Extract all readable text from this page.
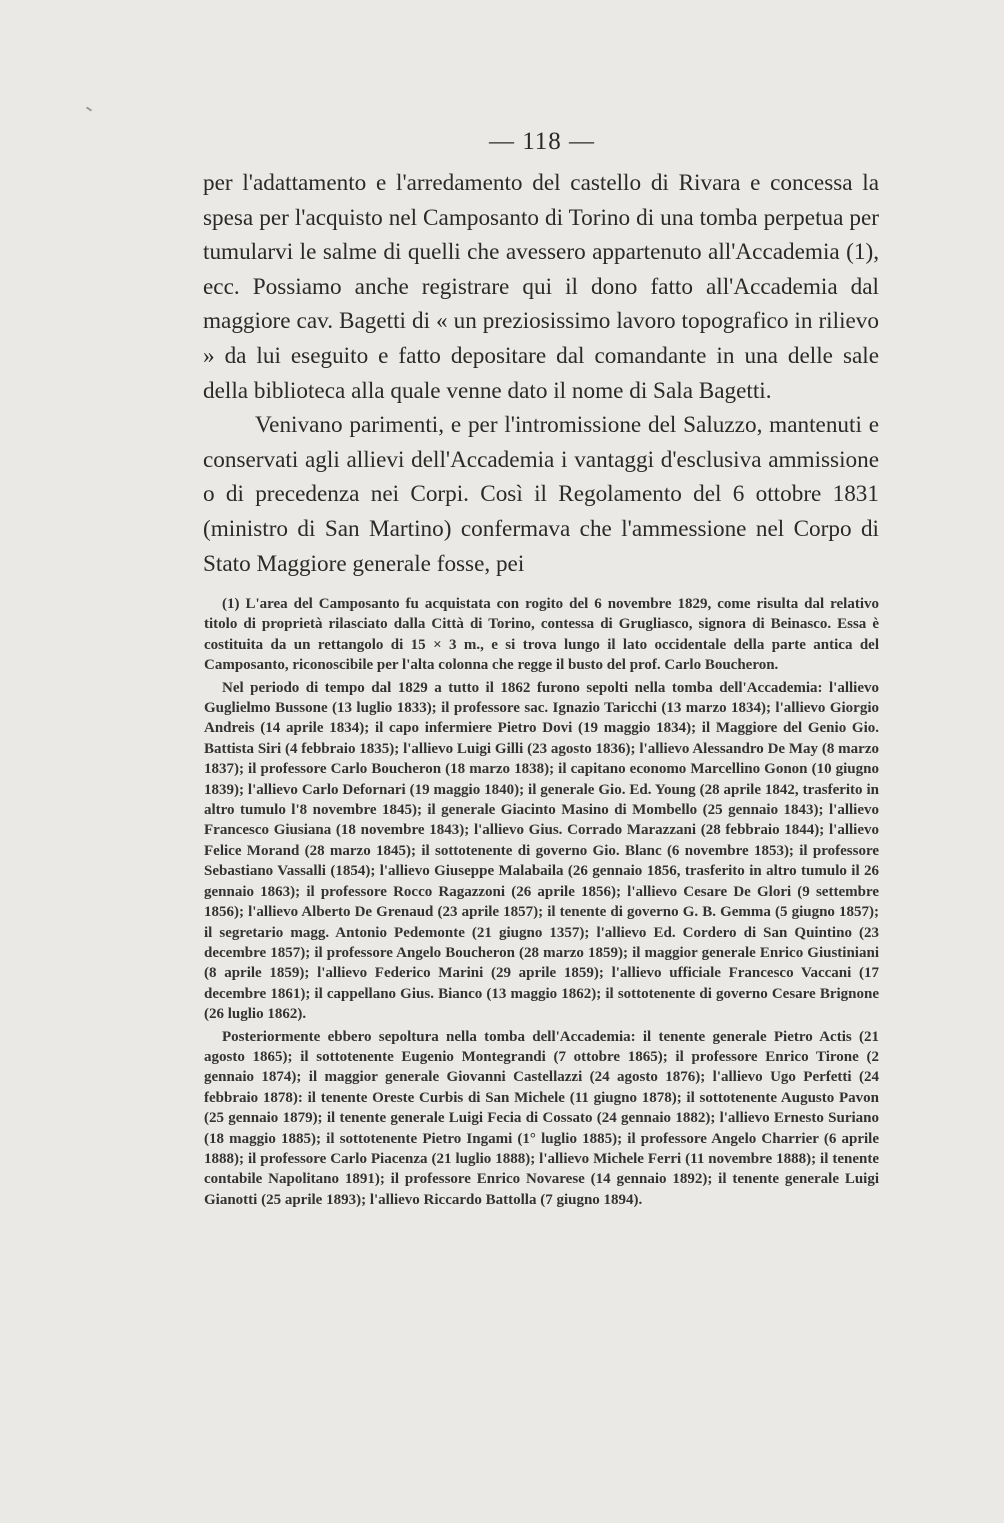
— 118 —

per l'adattamento e l'arredamento del castello di Rivara e concessa la spesa per l'acquisto nel Camposanto di Torino di una tomba perpetua per tumularvi le salme di quelli che avessero appartenuto all'Accademia (1), ecc. Possiamo anche registrare qui il dono fatto all'Accademia dal maggiore cav. Bagetti di « un preziosissimo lavoro topografico in rilievo » da lui eseguito e fatto depositare dal comandante in una delle sale della biblioteca alla quale venne dato il nome di Sala Bagetti.

Venivano parimenti, e per l'intromissione del Saluzzo, mantenuti e conservati agli allievi dell'Accademia i vantaggi d'esclusiva ammissione o di precedenza nei Corpi. Così il Regolamento del 6 ottobre 1831 (ministro di San Martino) confermava che l'ammessione nel Corpo di Stato Maggiore generale fosse, pei

(1) L'area del Camposanto fu acquistata con rogito del 6 novembre 1829, come risulta dal relativo titolo di proprietà rilasciato dalla Città di Torino, contessa di Grugliasco, signora di Beinasco. Essa è costituita da un rettangolo di 15 × 3 m., e si trova lungo il lato occidentale della parte antica del Camposanto, riconoscibile per l'alta colonna che regge il busto del prof. Carlo Boucheron.

Nel periodo di tempo dal 1829 a tutto il 1862 furono sepolti nella tomba dell'Accademia: l'allievo Guglielmo Bussone (13 luglio 1833); il professore sac. Ignazio Taricchi (13 marzo 1834); l'allievo Giorgio Andreis (14 aprile 1834); il capo infermiere Pietro Dovi (19 maggio 1834); il Maggiore del Genio Gio. Battista Siri (4 febbraio 1835); l'allievo Luigi Gilli (23 agosto 1836); l'allievo Alessandro De May (8 marzo 1837); il professore Carlo Boucheron (18 marzo 1838); il capitano economo Marcellino Gonon (10 giugno 1839); l'allievo Carlo Defornari (19 maggio 1840); il generale Gio. Ed. Young (28 aprile 1842, trasferito in altro tumulo l'8 novembre 1845); il generale Giacinto Masino di Mombello (25 gennaio 1843); l'allievo Francesco Giusiana (18 novembre 1843); l'allievo Gius. Corrado Marazzani (28 febbraio 1844); l'allievo Felice Morand (28 marzo 1845); il sottotenente di governo Gio. Blanc (6 novembre 1853); il professore Sebastiano Vassalli (1854); l'allievo Giuseppe Malabaila (26 gennaio 1856, trasferito in altro tumulo il 26 gennaio 1863); il professore Rocco Ragazzoni (26 aprile 1856); l'allievo Cesare De Glori (9 settembre 1856); l'allievo Alberto De Grenaud (23 aprile 1857); il tenente di governo G. B. Gemma (5 giugno 1857); il segretario magg. Antonio Pedemonte (21 giugno 1357); l'allievo Ed. Cordero di San Quintino (23 decembre 1857); il professore Angelo Boucheron (28 marzo 1859); il maggior generale Enrico Giustiniani (8 aprile 1859); l'allievo Federico Marini (29 aprile 1859); l'allievo ufficiale Francesco Vaccani (17 decembre 1861); il cappellano Gius. Bianco (13 maggio 1862); il sottotenente di governo Cesare Brignone (26 luglio 1862).

Posteriormente ebbero sepoltura nella tomba dell'Accademia: il tenente generale Pietro Actis (21 agosto 1865); il sottotenente Eugenio Montegrandi (7 ottobre 1865); il professore Enrico Tirone (2 gennaio 1874); il maggior generale Giovanni Castellazzi (24 agosto 1876); l'allievo Ugo Perfetti (24 febbraio 1878): il tenente Oreste Curbis di San Michele (11 giugno 1878); il sottotenente Augusto Pavon (25 gennaio 1879); il tenente generale Luigi Fecia di Cossato (24 gennaio 1882); l'allievo Ernesto Suriano (18 maggio 1885); il sottotenente Pietro Ingami (1° luglio 1885); il professore Angelo Charrier (6 aprile 1888); il professore Carlo Piacenza (21 luglio 1888); l'allievo Michele Ferri (11 novembre 1888); il tenente contabile Napolitano 1891); il professore Enrico Novarese (14 gennaio 1892); il tenente generale Luigi Gianotti (25 aprile 1893); l'allievo Riccardo Battolla (7 giugno 1894).
